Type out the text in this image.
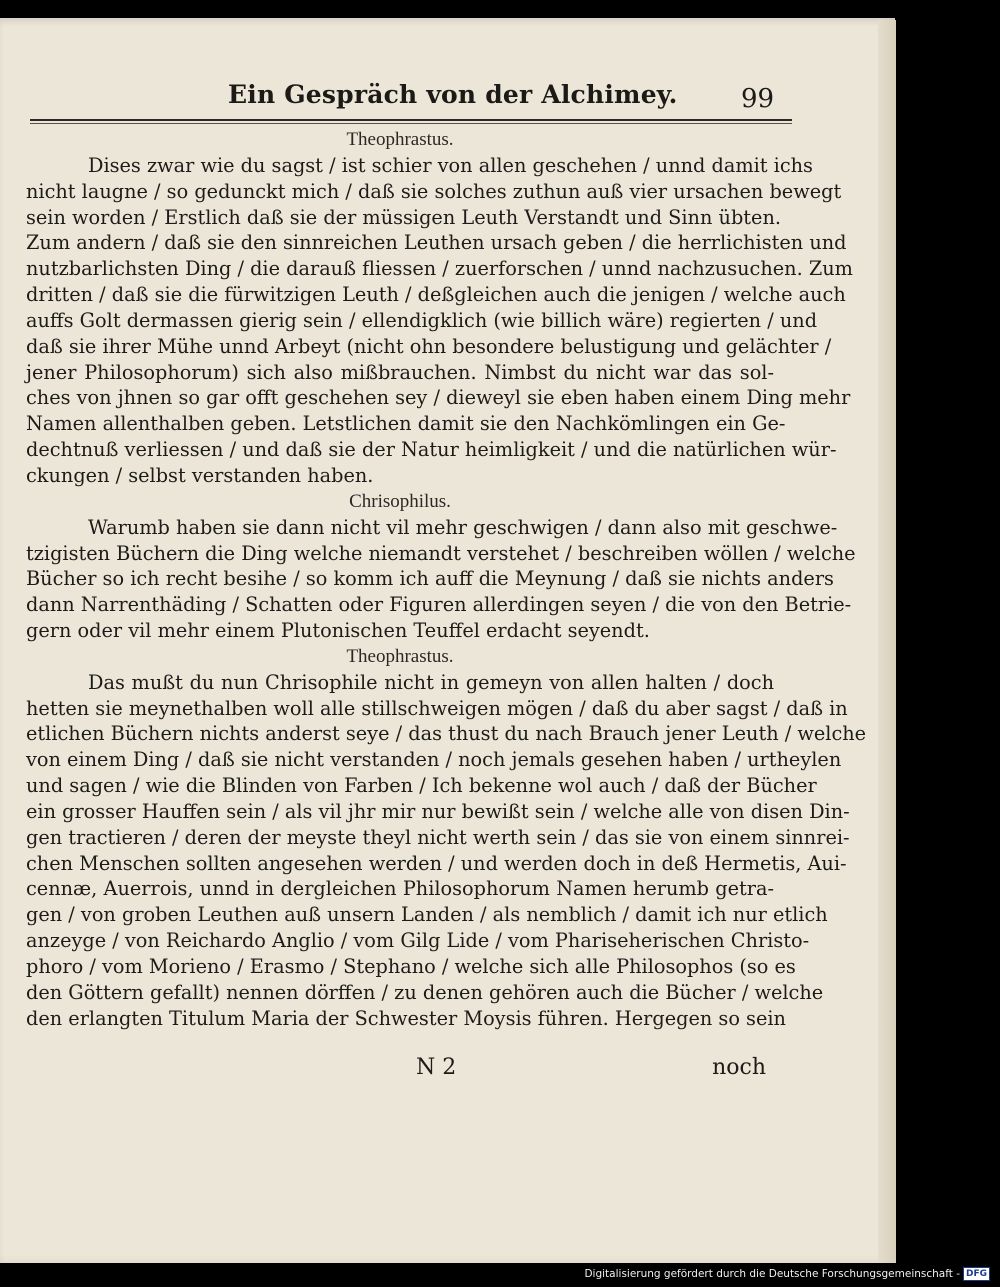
Ein Gespräch von der Alchimey. 99
Theophrastus.
Dises zwar wie du sagst / ist schier von allen geschehen / unnd damit ichs
nicht laugne / so gedunckt mich / daß sie solches zuthun auß vier ursachen bewegt
sein worden / Erstlich daß sie der müssigen Leuth Verstandt und Sinn übten.
Zum andern / daß sie den sinnreichen Leuthen ursach geben / die herrlichisten und
nutzbarlichsten Ding / die darauß fliessen / zuerforschen / unnd nachzusuchen. Zum
dritten / daß sie die fürwitzigen Leuth / deßgleichen auch die jenigen / welche auch
auffs Golt dermassen gierig sein / ellendigklich (wie billich wäre) regierten / und
daß sie ihrer Mühe unnd Arbeyt (nicht ohn besondere belustigung und gelächter /
jener Philosophorum) sich also mißbrauchen. Nimbst du nicht war das sol-
ches von jhnen so gar offt geschehen sey / dieweyl sie eben haben einem Ding mehr
Namen allenthalben geben. Letstlichen damit sie den Nachkömlingen ein Ge-
dechtnuß verliessen / und daß sie der Natur heimligkeit / und die natürlichen wür-
ckungen / selbst verstanden haben.
Chrisophilus.
Warumb haben sie dann nicht vil mehr geschwigen / dann also mit geschwe-
tzigisten Büchern die Ding welche niemandt verstehet / beschreiben wöllen / welche
Bücher so ich recht besihe / so komm ich auff die Meynung / daß sie nichts anders
dann Narrenthäding / Schatten oder Figuren allerdingen seyen / die von den Betrie-
gern oder vil mehr einem Plutonischen Teuffel erdacht seyendt.
Theophrastus.
Das mußt du nun Chrisophile nicht in gemeyn von allen halten / doch
hetten sie meynethalben woll alle stillschweigen mögen / daß du aber sagst / daß in
etlichen Büchern nichts anderst seye / das thust du nach Brauch jener Leuth / welche
von einem Ding / daß sie nicht verstanden / noch jemals gesehen haben / urtheylen
und sagen / wie die Blinden von Farben / Ich bekenne wol auch / daß der Bücher
ein grosser Hauffen sein / als vil jhr mir nur bewißt sein / welche alle von disen Din-
gen tractieren / deren der meyste theyl nicht werth sein / das sie von einem sinnrei-
chen Menschen sollten angesehen werden / und werden doch in deß Hermetis, Aui-
cennæ, Auerrois, unnd in dergleichen Philosophorum Namen herumb getra-
gen / von groben Leuthen auß unsern Landen / als nemblich / damit ich nur etlich
anzeyge / von Reichardo Anglio / vom Gilg Lide / vom Phariseherischen Christo-
phoro / vom Morieno / Erasmo / Stephano / welche sich alle Philosophos (so es
den Göttern gefallt) nennen dörffen / zu denen gehören auch die Bücher / welche
den erlangten Titulum Maria der Schwester Moysis führen. Hergegen so sein
N 2	noch
Digitalisierung gefördert durch die Deutsche Forschungsgemeinschaft - DFG
